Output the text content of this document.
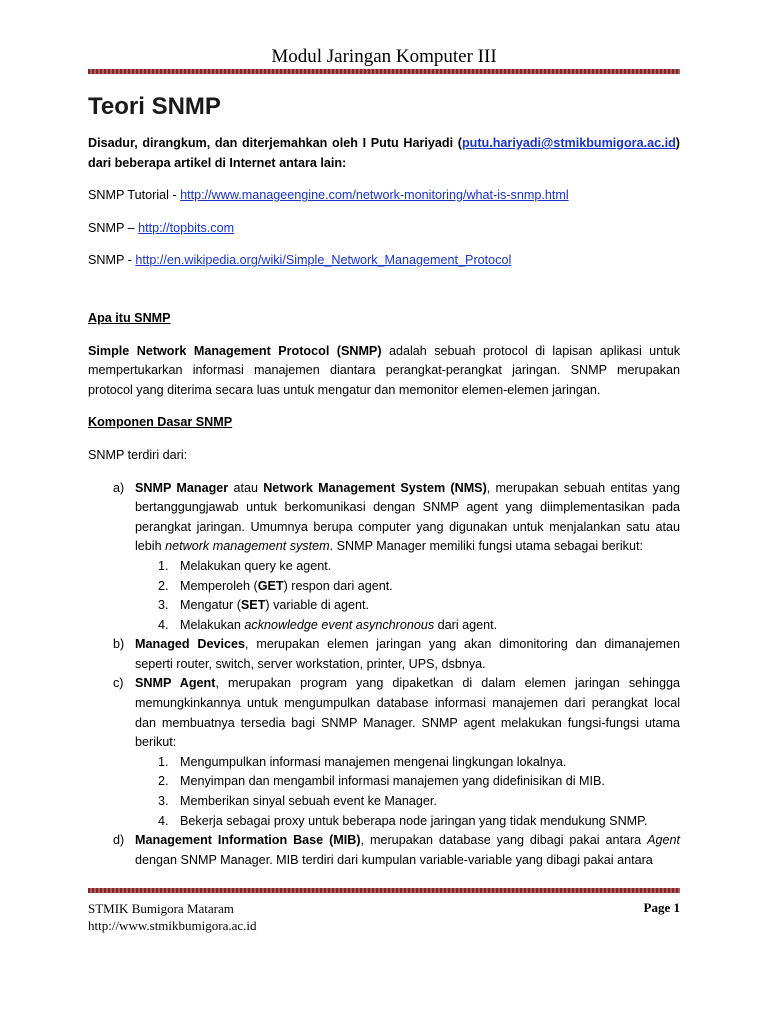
Modul Jaringan Komputer III
Teori SNMP

Disadur, dirangkum, dan diterjemahkan oleh I Putu Hariyadi (putu.hariyadi@stmikbumigora.ac.id) dari beberapa artikel di Internet antara lain:

SNMP Tutorial - http://www.manageengine.com/network-monitoring/what-is-snmp.html

SNMP – http://topbits.com

SNMP - http://en.wikipedia.org/wiki/Simple_Network_Management_Protocol

Apa itu SNMP

Simple Network Management Protocol (SNMP) adalah sebuah protocol di lapisan aplikasi untuk mempertukarkan informasi manajemen diantara perangkat-perangkat jaringan. SNMP merupakan protocol yang diterima secara luas untuk mengatur dan memonitor elemen-elemen jaringan.

Komponen Dasar SNMP

SNMP terdiri dari:

a) SNMP Manager atau Network Management System (NMS), merupakan sebuah entitas yang bertanggungjawab untuk berkomunikasi dengan SNMP agent yang diimplementasikan pada perangkat jaringan. Umumnya berupa computer yang digunakan untuk menjalankan satu atau lebih network management system. SNMP Manager memiliki fungsi utama sebagai berikut:
1. Melakukan query ke agent.
2. Memperoleh (GET) respon dari agent.
3. Mengatur (SET) variable di agent.
4. Melakukan acknowledge event asynchronous dari agent.
b) Managed Devices, merupakan elemen jaringan yang akan dimonitoring dan dimanajemen seperti router, switch, server workstation, printer, UPS, dsbnya.
c) SNMP Agent, merupakan program yang dipaketkan di dalam elemen jaringan sehingga memungkinkannya untuk mengumpulkan database informasi manajemen dari perangkat local dan membuatnya tersedia bagi SNMP Manager. SNMP agent melakukan fungsi-fungsi utama berikut:
1. Mengumpulkan informasi manajemen mengenai lingkungan lokalnya.
2. Menyimpan dan mengambil informasi manajemen yang didefinisikan di MIB.
3. Memberikan sinyal sebuah event ke Manager.
4. Bekerja sebagai proxy untuk beberapa node jaringan yang tidak mendukung SNMP.
d) Management Information Base (MIB), merupakan database yang dibagi pakai antara Agent dengan SNMP Manager. MIB terdiri dari kumpulan variable-variable yang dibagi pakai antara
STMIK Bumigora Mataram
http://www.stmikbumigora.ac.id
Page 1
